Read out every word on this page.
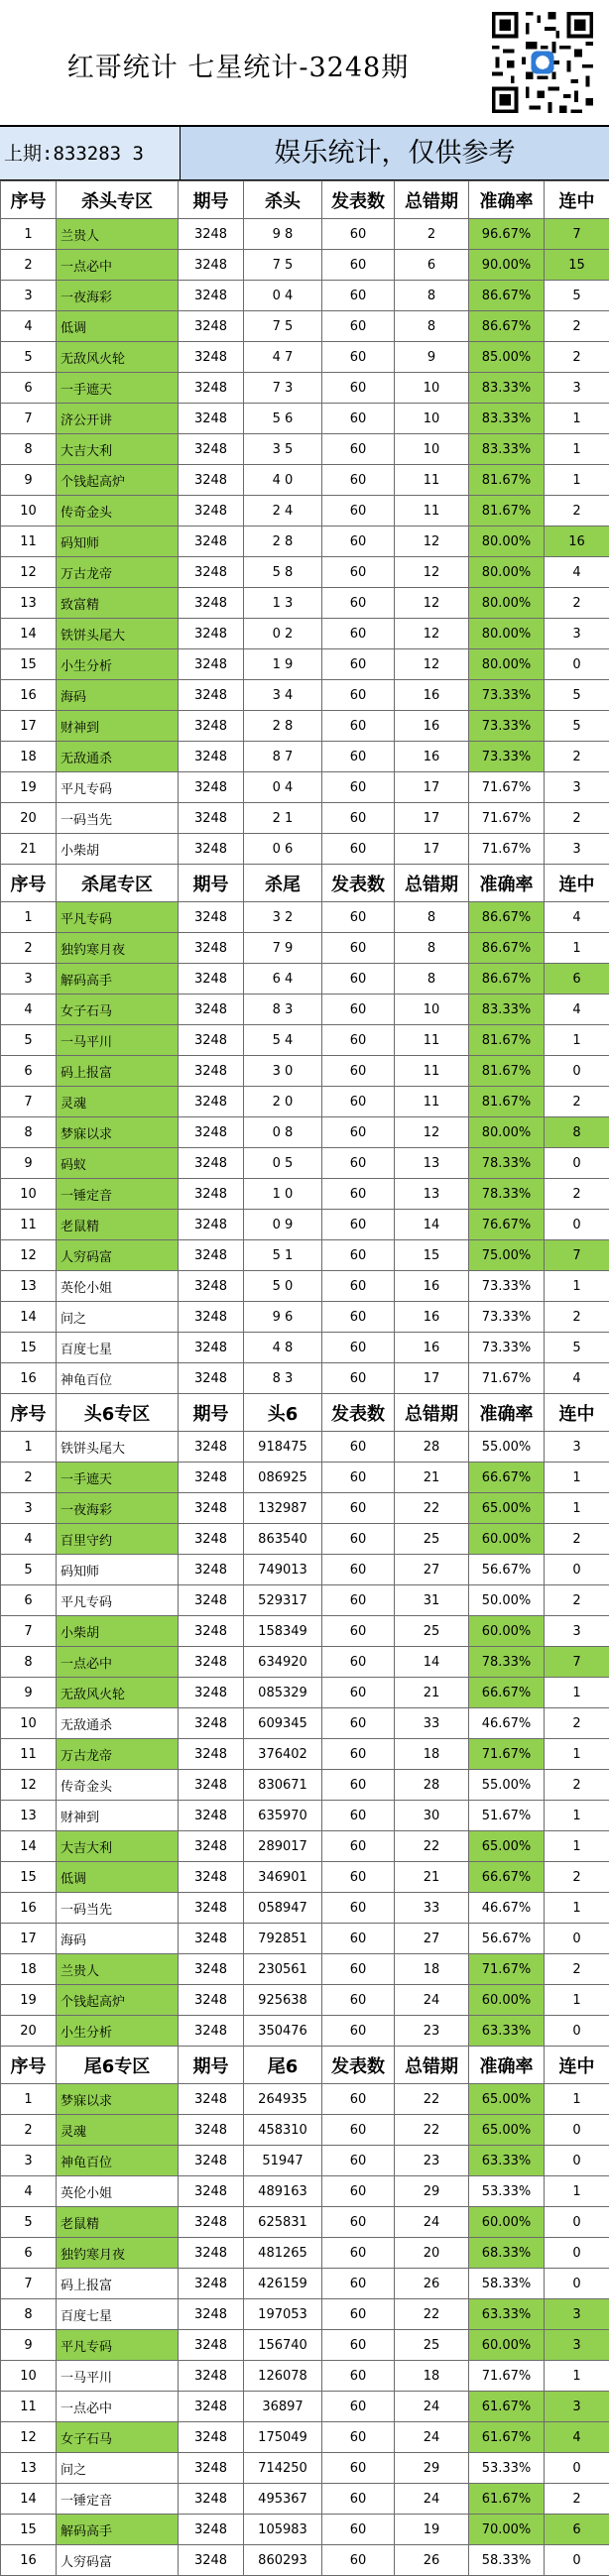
红哥统计 七星统计-3248期
上期:833283 3	娱乐统计，仅供参考
序号	杀头专区	期号	杀头	发表数	总错期	准确率	连中
1	兰贵人	3248	9 8	60	2	96.67%	7
2	一点必中	3248	7 5	60	6	90.00%	15
3	一夜海彩	3248	0 4	60	8	86.67%	5
4	低调	3248	7 5	60	8	86.67%	2
5	无敌风火轮	3248	4 7	60	9	85.00%	2
6	一手遮天	3248	7 3	60	10	83.33%	3
7	济公开讲	3248	5 6	60	10	83.33%	1
8	大吉大利	3248	3 5	60	10	83.33%	1
9	个钱起高炉	3248	4 0	60	11	81.67%	1
10	传奇金头	3248	2 4	60	11	81.67%	2
11	码知师	3248	2 8	60	12	80.00%	16
12	万古龙帝	3248	5 8	60	12	80.00%	4
13	致富精	3248	1 3	60	12	80.00%	2
14	铁饼头尾大	3248	0 2	60	12	80.00%	3
15	小生分析	3248	1 9	60	12	80.00%	0
16	海码	3248	3 4	60	16	73.33%	5
17	财神到	3248	2 8	60	16	73.33%	5
18	无敌通杀	3248	8 7	60	16	73.33%	2
19	平凡专码	3248	0 4	60	17	71.67%	3
20	一码当先	3248	2 1	60	17	71.67%	2
21	小柴胡	3248	0 6	60	17	71.67%	3
序号	杀尾专区	期号	杀尾	发表数	总错期	准确率	连中
1	平凡专码	3248	3 2	60	8	86.67%	4
2	独钓寒月夜	3248	7 9	60	8	86.67%	1
3	解码高手	3248	6 4	60	8	86.67%	6
4	女子石马	3248	8 3	60	10	83.33%	4
5	一马平川	3248	5 4	60	11	81.67%	1
6	码上报富	3248	3 0	60	11	81.67%	0
7	灵魂	3248	2 0	60	11	81.67%	2
8	梦寐以求	3248	0 8	60	12	80.00%	8
9	码蚁	3248	0 5	60	13	78.33%	0
10	一锤定音	3248	1 0	60	13	78.33%	2
11	老鼠精	3248	0 9	60	14	76.67%	0
12	人穷码富	3248	5 1	60	15	75.00%	7
13	英伦小姐	3248	5 0	60	16	73.33%	1
14	问之	3248	9 6	60	16	73.33%	2
15	百度七星	3248	4 8	60	16	73.33%	5
16	神龟百位	3248	8 3	60	17	71.67%	4
序号	头6专区	期号	头6	发表数	总错期	准确率	连中
1	铁饼头尾大	3248	918475	60	28	55.00%	3
2	一手遮天	3248	086925	60	21	66.67%	1
3	一夜海彩	3248	132987	60	22	65.00%	1
4	百里守约	3248	863540	60	25	60.00%	2
5	码知师	3248	749013	60	27	56.67%	0
6	平凡专码	3248	529317	60	31	50.00%	2
7	小柴胡	3248	158349	60	25	60.00%	3
8	一点必中	3248	634920	60	14	78.33%	7
9	无敌风火轮	3248	085329	60	21	66.67%	1
10	无敌通杀	3248	609345	60	33	46.67%	2
11	万古龙帝	3248	376402	60	18	71.67%	1
12	传奇金头	3248	830671	60	28	55.00%	2
13	财神到	3248	635970	60	30	51.67%	1
14	大吉大利	3248	289017	60	22	65.00%	1
15	低调	3248	346901	60	21	66.67%	2
16	一码当先	3248	058947	60	33	46.67%	1
17	海码	3248	792851	60	27	56.67%	0
18	兰贵人	3248	230561	60	18	71.67%	2
19	个钱起高炉	3248	925638	60	24	60.00%	1
20	小生分析	3248	350476	60	23	63.33%	0
序号	尾6专区	期号	尾6	发表数	总错期	准确率	连中
1	梦寐以求	3248	264935	60	22	65.00%	1
2	灵魂	3248	458310	60	22	65.00%	0
3	神龟百位	3248	51947	60	23	63.33%	0
4	英伦小姐	3248	489163	60	29	53.33%	1
5	老鼠精	3248	625831	60	24	60.00%	0
6	独钓寒月夜	3248	481265	60	20	68.33%	0
7	码上报富	3248	426159	60	26	58.33%	0
8	百度七星	3248	197053	60	22	63.33%	3
9	平凡专码	3248	156740	60	25	60.00%	3
10	一马平川	3248	126078	60	18	71.67%	1
11	一点必中	3248	36897	60	24	61.67%	3
12	女子石马	3248	175049	60	24	61.67%	4
13	问之	3248	714250	60	29	53.33%	0
14	一锤定音	3248	495367	60	24	61.67%	2
15	解码高手	3248	105983	60	19	70.00%	6
16	人穷码富	3248	860293	60	26	58.33%	0
